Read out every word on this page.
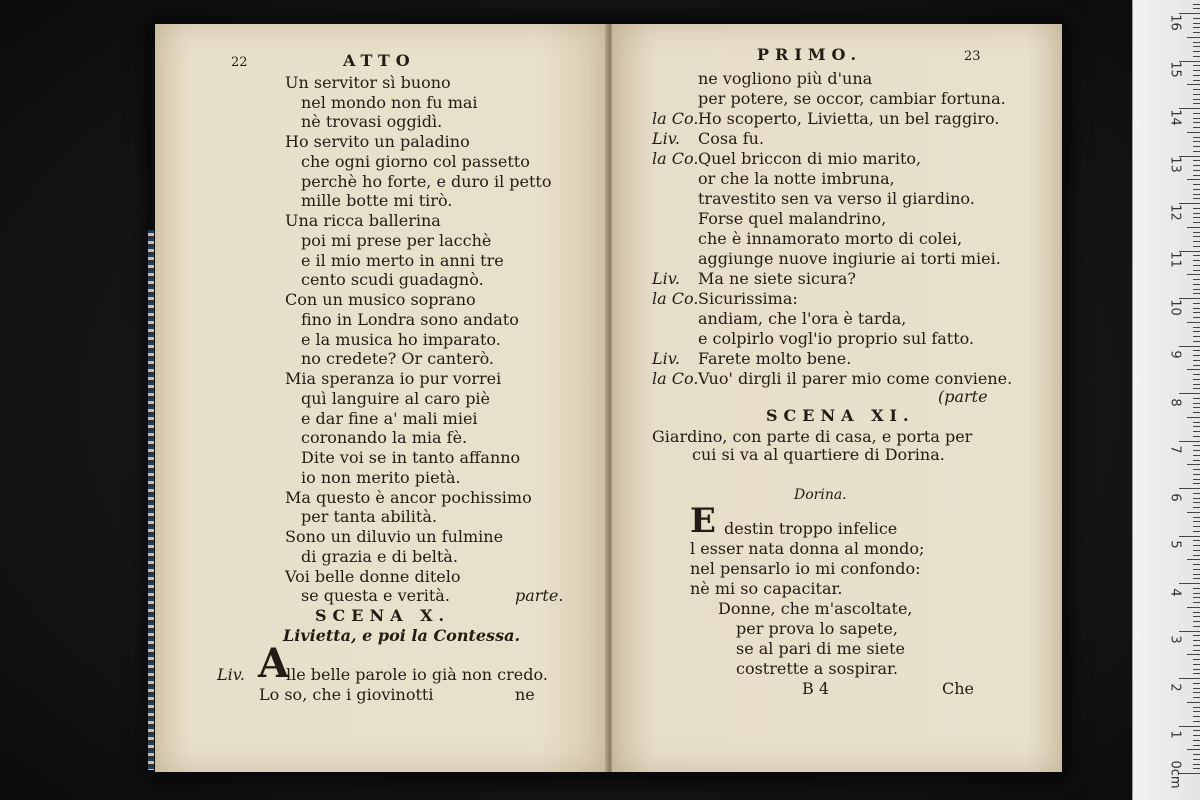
22	ATTO
Un servitor sì buono
nel mondo non fu mai
nè trovasi oggidì.
Ho servito un paladino
che ogni giorno col passetto
perchè ho forte, e duro il petto
mille botte mi tirò.
Una ricca ballerina
poi mi prese per lacchè
e il mio merto in anni tre
cento scudi guadagnò.
Con un musico soprano
fino in Londra sono andato
e la musica ho imparato.
no credete? Or canterò.
Mia speranza io pur vorrei
quì languire al caro piè
e dar fine a' mali miei
coronando la mia fè.
Dite voi se in tanto affanno
io non merito pietà.
Ma questo è ancor pochissimo
per tanta abilità.
Sono un diluvio un fulmine
di grazia e di beltà.
Voi belle donne ditelo
se questa e verità.	parte.
SCENA X.
Livietta, e poi la Contessa.
Liv. A
lle belle parole io già non credo.
Lo so, che i giovinotti	ne
PRIMO.	23
ne vogliono più d'una
per potere, se occor, cambiar fortuna.
la Co. Ho scoperto, Livietta, un bel raggiro.
Liv. Cosa fu.
la Co. Quel briccon di mio marito,
or che la notte imbruna,
travestito sen va verso il giardino.
Forse quel malandrino,
che è innamorato morto di colei,
aggiunge nuove ingiurie ai torti miei.
Liv. Ma ne siete sicura?
la Co. Sicurissima:
andiam, che l'ora è tarda,
e colpirlo vogl'io proprio sul fatto.
Liv. Farete molto bene.
la Co. Vuo' dirgli il parer mio come conviene.
(parte
SCENA XI.
Giardino, con parte di casa, e porta per
cui si va al quartiere di Dorina.
Dorina.
E destin troppo infelice
l esser nata donna al mondo;
nel pensarlo io mi confondo:
nè mi so capacitar.
Donne, che m'ascoltate,
per prova lo sapete,
se al pari di me siete
costrette a sospirar.
B 4	Che
0cm
1
2
3
4
5
6
7
8
9
10
11
12
13
14
15
16
